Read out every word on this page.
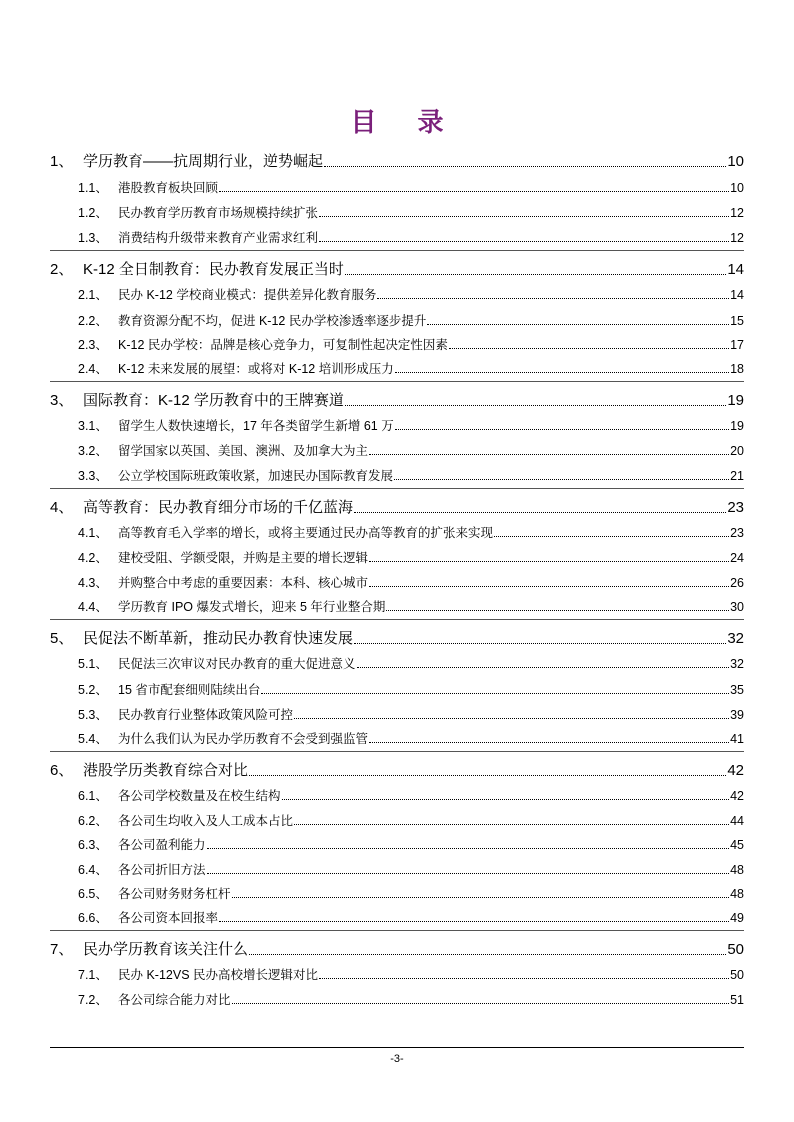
目 录
-3-
1、 学历教育——抗周期行业，逆势崛起	10
1.1、 港股教育板块回顾	10
1.2、 民办教育学历教育市场规模持续扩张	12
1.3、 消费结构升级带来教育产业需求红利	12
2、 K-12 全日制教育：民办教育发展正当时	14
2.1、 民办 K-12 学校商业模式：提供差异化教育服务	14
2.2、 教育资源分配不均，促进 K-12 民办学校渗透率逐步提升	15
2.3、 K-12 民办学校：品牌是核心竞争力，可复制性起决定性因素	17
2.4、 K-12 未来发展的展望：或将对 K-12 培训形成压力	18
3、 国际教育：K-12 学历教育中的王牌赛道	19
3.1、 留学生人数快速增长，17 年各类留学生新增 61 万	19
3.2、 留学国家以英国、美国、澳洲、及加拿大为主	20
3.3、 公立学校国际班政策收紧，加速民办国际教育发展	21
4、 高等教育：民办教育细分市场的千亿蓝海	23
4.1、 高等教育毛入学率的增长，或将主要通过民办高等教育的扩张来实现	23
4.2、 建校受阻、学额受限，并购是主要的增长逻辑	24
4.3、 并购整合中考虑的重要因素：本科、核心城市	26
4.4、 学历教育 IPO 爆发式增长，迎来 5 年行业整合期	30
5、 民促法不断革新，推动民办教育快速发展	32
5.1、 民促法三次审议对民办教育的重大促进意义	32
5.2、 15 省市配套细则陆续出台	35
5.3、 民办教育行业整体政策风险可控	39
5.4、 为什么我们认为民办学历教育不会受到强监管	41
6、 港股学历类教育综合对比	42
6.1、 各公司学校数量及在校生结构	42
6.2、 各公司生均收入及人工成本占比	44
6.3、 各公司盈利能力	45
6.4、 各公司折旧方法	48
6.5、 各公司财务财务杠杆	48
6.6、 各公司资本回报率	49
7、 民办学历教育该关注什么	50
7.1、 民办 K-12VS 民办高校增长逻辑对比	50
7.2、 各公司综合能力对比	51
